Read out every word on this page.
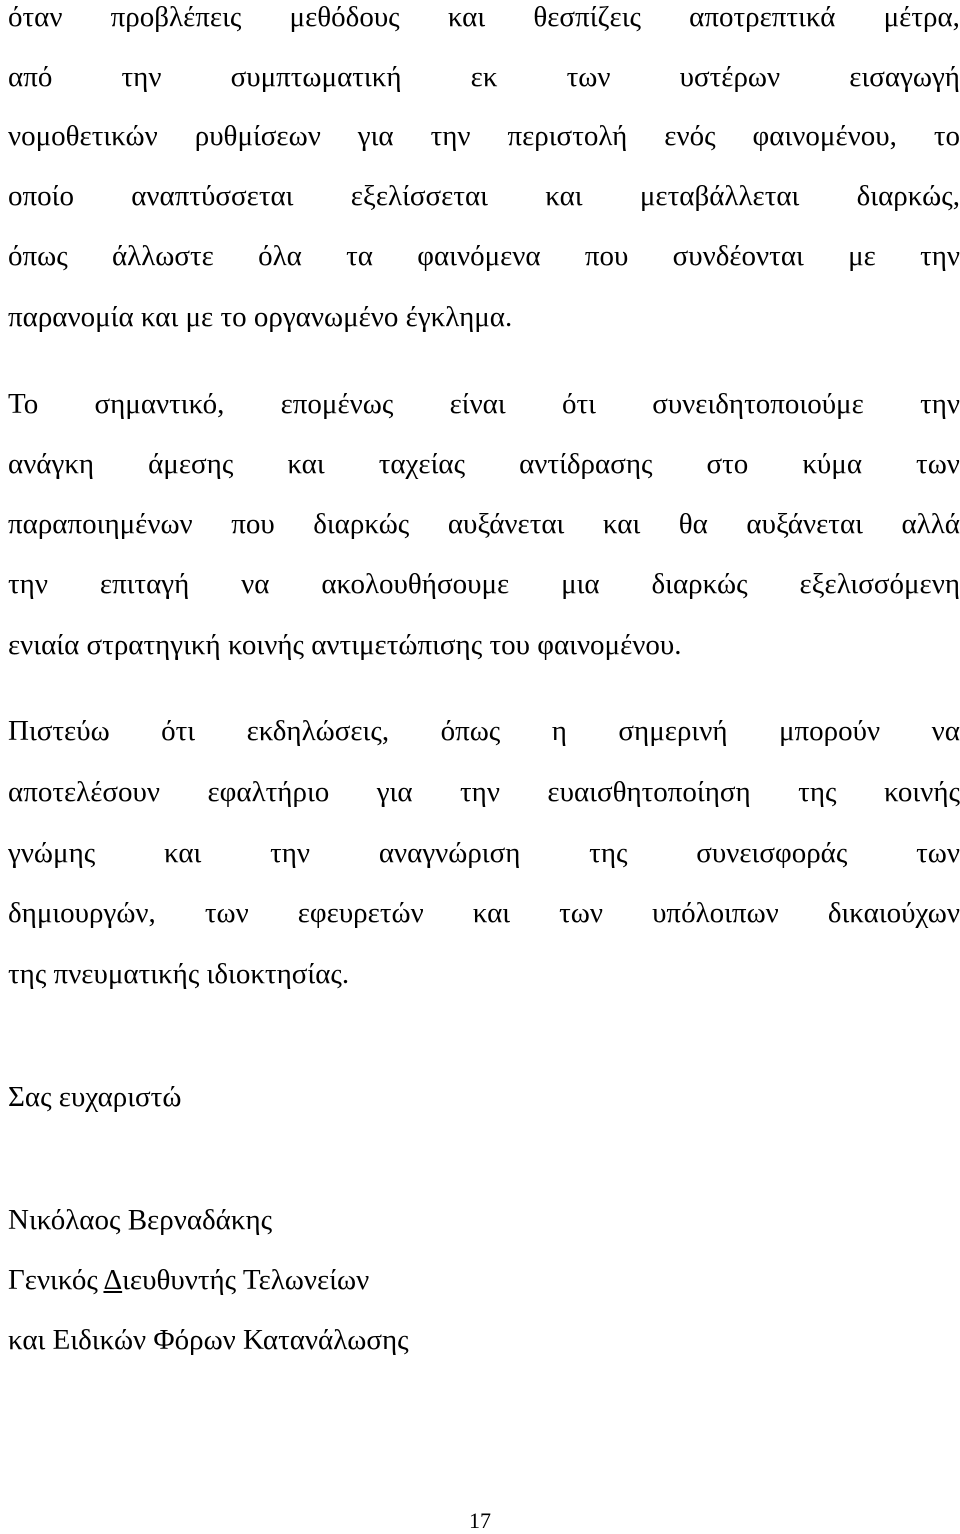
όταν προβλέπεις μεθόδους και θεσπίζεις αποτρεπτικά μέτρα,
από την συμπτωματική εκ των υστέρων εισαγωγή
νομοθετικών ρυθμίσεων για την περιστολή ενός φαινομένου, το
οποίο αναπτύσσεται εξελίσσεται και μεταβάλλεται διαρκώς,
όπως άλλωστε όλα τα φαινόμενα που συνδέονται με την
παρανομία και με το οργανωμένο έγκλημα.
Το σημαντικό, επομένως είναι ότι συνειδητοποιούμε την
ανάγκη άμεσης και ταχείας αντίδρασης στο κύμα των
παραποιημένων που διαρκώς αυξάνεται και θα αυξάνεται αλλά
την επιταγή να ακολουθήσουμε μια διαρκώς εξελισσόμενη
ενιαία στρατηγική κοινής αντιμετώπισης του φαινομένου.
Πιστεύω ότι εκδηλώσεις, όπως η σημερινή μπορούν να
αποτελέσουν εφαλτήριο για την ευαισθητοποίηση της κοινής
γνώμης και την αναγνώριση της συνεισφοράς των
δημιουργών, των εφευρετών και των υπόλοιπων δικαιούχων
της πνευματικής ιδιοκτησίας.
Σας ευχαριστώ
Νικόλαος Βερναδάκης
Γενικός Διευθυντής Τελωνείων
και Ειδικών Φόρων Κατανάλωσης
17
